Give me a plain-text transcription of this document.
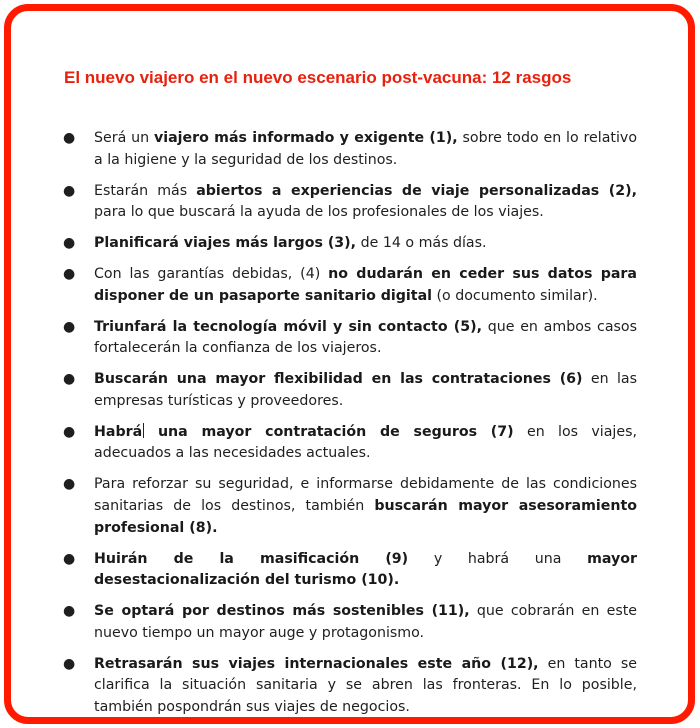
El nuevo viajero en el nuevo escenario post-vacuna: 12 rasgos
● Será un viajero más informado y exigente (1), sobre todo en lo relativo a la higiene y la seguridad de los destinos.
● Estarán más abiertos a experiencias de viaje personalizadas (2), para lo que buscará la ayuda de los profesionales de los viajes.
● Planificará viajes más largos (3), de 14 o más días.
● Con las garantías debidas, (4) no dudarán en ceder sus datos para disponer de un pasaporte sanitario digital (o documento similar).
● Triunfará la tecnología móvil y sin contacto (5), que en ambos casos fortalecerán la confianza de los viajeros.
● Buscarán una mayor flexibilidad en las contrataciones (6) en las empresas turísticas y proveedores.
● Habrá una mayor contratación de seguros (7) en los viajes, adecuados a las necesidades actuales.
● Para reforzar su seguridad, e informarse debidamente de las condiciones sanitarias de los destinos, también buscarán mayor asesoramiento profesional (8).
● Huirán de la masificación (9) y habrá una mayor desestacionalización del turismo (10).
● Se optará por destinos más sostenibles (11), que cobrarán en este nuevo tiempo un mayor auge y protagonismo.
● Retrasarán sus viajes internacionales este año (12), en tanto se clarifica la situación sanitaria y se abren las fronteras. En lo posible, también pospondrán sus viajes de negocios.
